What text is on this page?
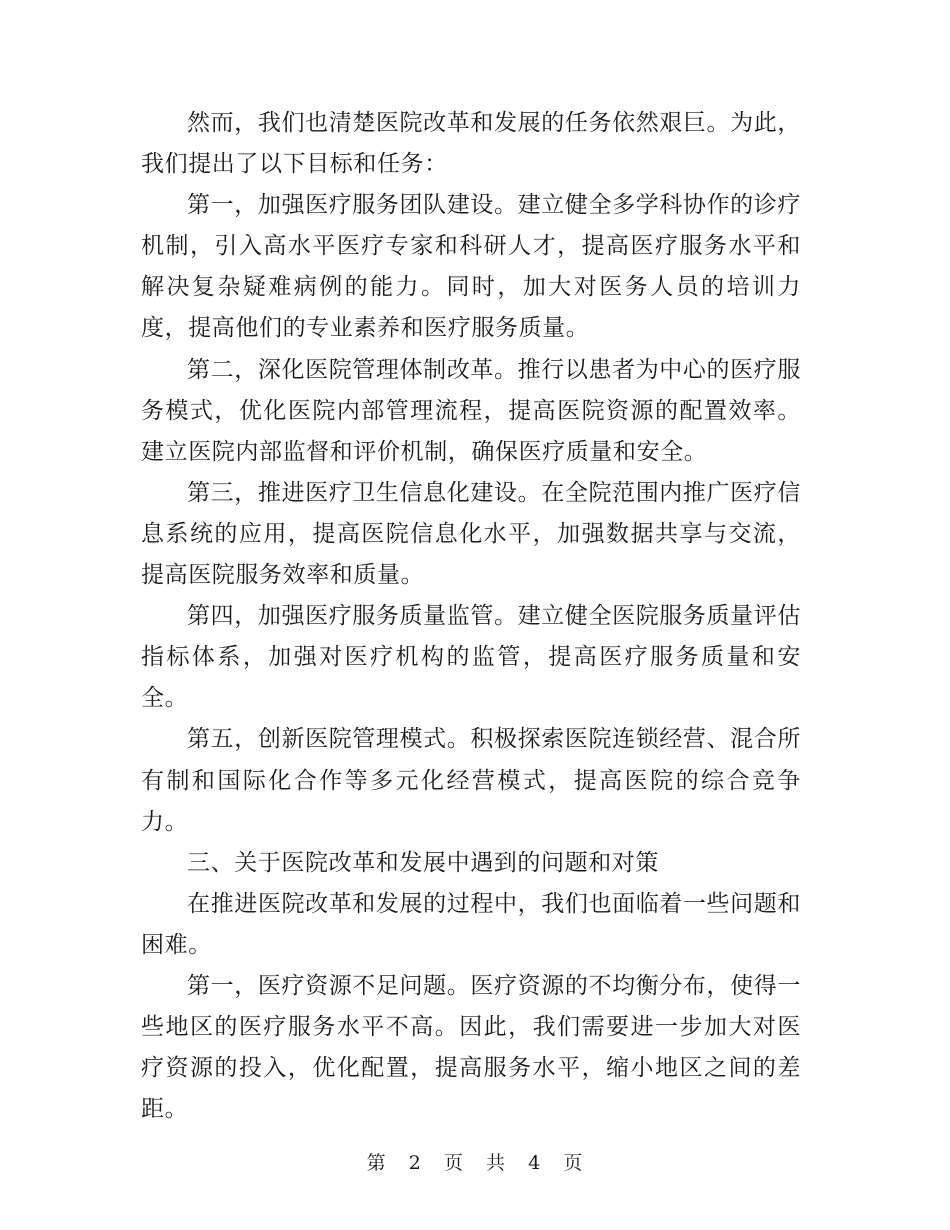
然而，我们也清楚医院改革和发展的任务依然艰巨。为此，我们提出了以下目标和任务：

第一，加强医疗服务团队建设。建立健全多学科协作的诊疗机制，引入高水平医疗专家和科研人才，提高医疗服务水平和解决复杂疑难病例的能力。同时，加大对医务人员的培训力度，提高他们的专业素养和医疗服务质量。

第二，深化医院管理体制改革。推行以患者为中心的医疗服务模式，优化医院内部管理流程，提高医院资源的配置效率。建立医院内部监督和评价机制，确保医疗质量和安全。

第三，推进医疗卫生信息化建设。在全院范围内推广医疗信息系统的应用，提高医院信息化水平，加强数据共享与交流，提高医院服务效率和质量。

第四，加强医疗服务质量监管。建立健全医院服务质量评估指标体系，加强对医疗机构的监管，提高医疗服务质量和安全。

第五，创新医院管理模式。积极探索医院连锁经营、混合所有制和国际化合作等多元化经营模式，提高医院的综合竞争力。

三、关于医院改革和发展中遇到的问题和对策

在推进医院改革和发展的过程中，我们也面临着一些问题和困难。

第一，医疗资源不足问题。医疗资源的不均衡分布，使得一些地区的医疗服务水平不高。因此，我们需要进一步加大对医疗资源的投入，优化配置，提高服务水平，缩小地区之间的差距。

第 2 页 共 4 页
